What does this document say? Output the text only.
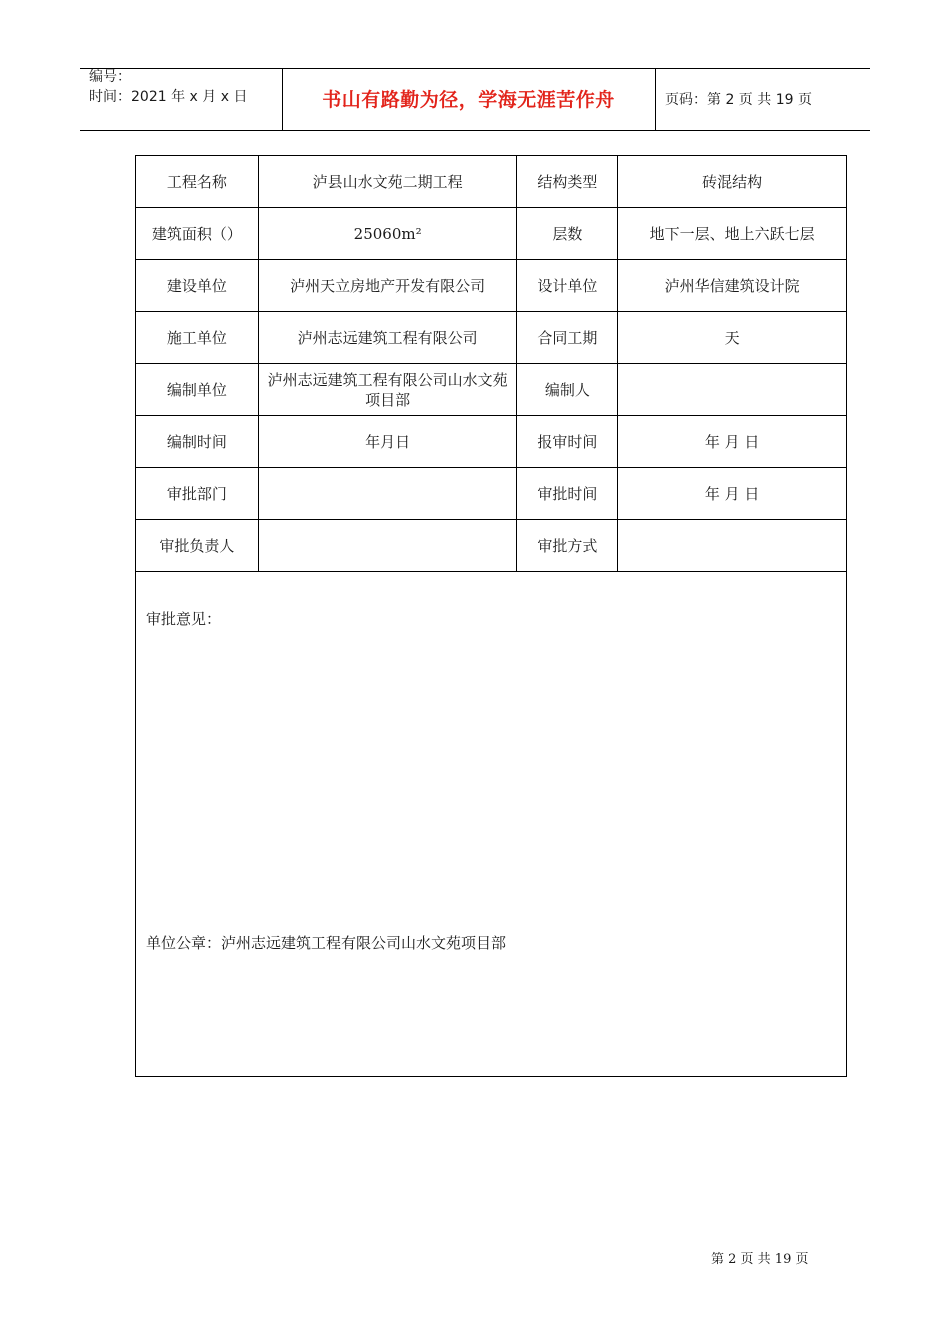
编号：
时间：2021 年 x 月 x 日	书山有路勤为径，学海无涯苦作舟	页码：第 2 页 共 19 页
工程名称	泸县山水文苑二期工程	结构类型	砖混结构
建筑面积（）	25060m²	层数	地下一层、地上六跃七层
建设单位	泸州天立房地产开发有限公司	设计单位	泸州华信建筑设计院
施工单位	泸州志远建筑工程有限公司	合同工期	天
编制单位	泸州志远建筑工程有限公司山水文苑项目部	编制人	
编制时间	年月日	报审时间	年 月 日
审批部门		审批时间	年 月 日
审批负责人		审批方式	
审批意见：
单位公章：泸州志远建筑工程有限公司山水文苑项目部
第 2 页 共 19 页
